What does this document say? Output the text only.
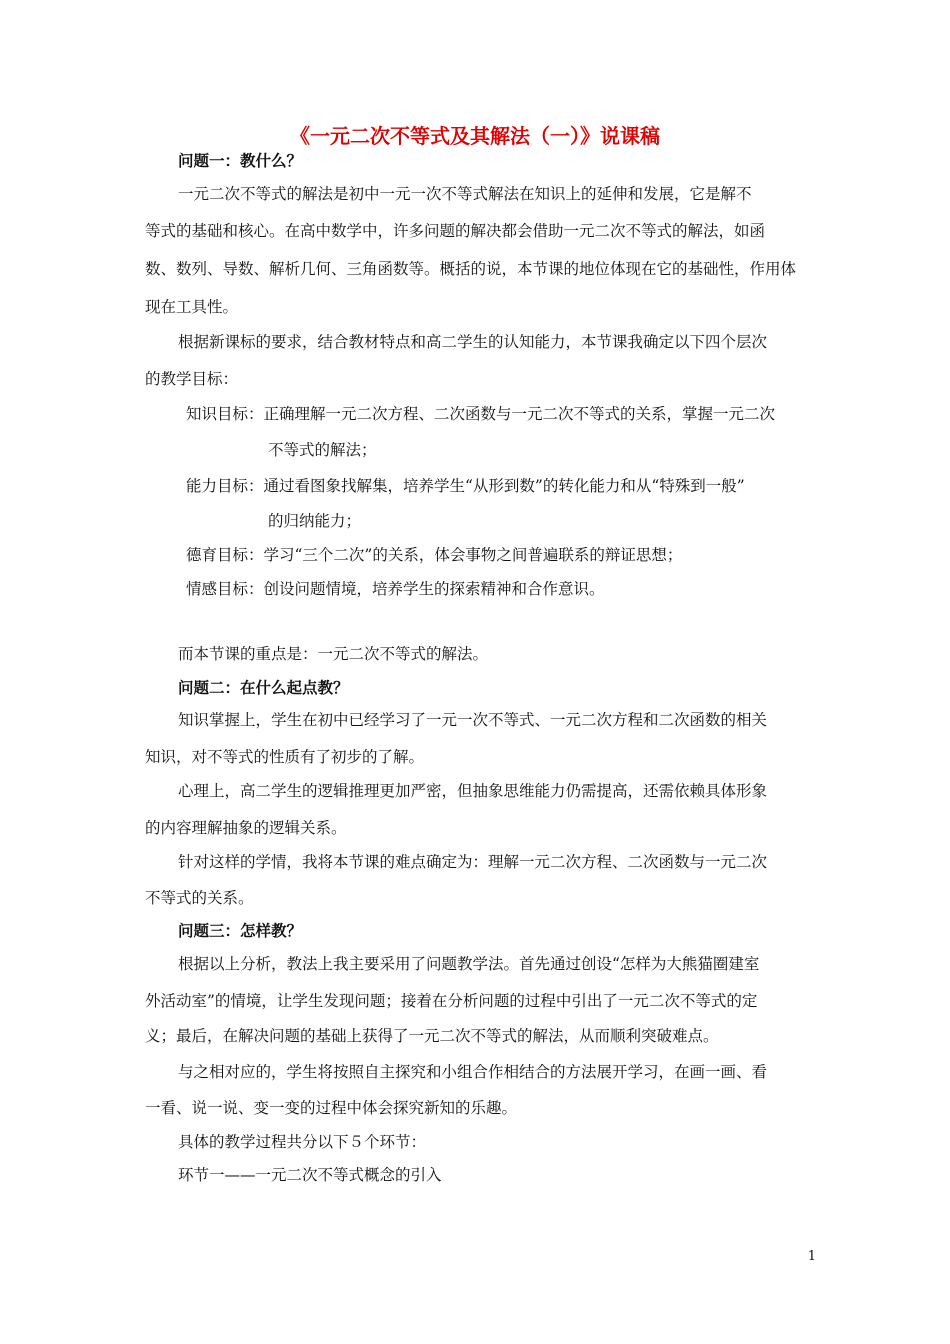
《一元二次不等式及其解法（一）》说课稿
问题一：教什么？
一元二次不等式的解法是初中一元一次不等式解法在知识上的延伸和发展，它是解不
等式的基础和核心。在高中数学中，许多问题的解决都会借助一元二次不等式的解法，如函
数、数列、导数、解析几何、三角函数等。概括的说，本节课的地位体现在它的基础性，作用体
现在工具性。
根据新课标的要求，结合教材特点和高二学生的认知能力，本节课我确定以下四个层次
的教学目标：
知识目标：正确理解一元二次方程、二次函数与一元二次不等式的关系，掌握一元二次
不等式的解法；
能力目标：通过看图象找解集，培养学生“从形到数”的转化能力和从“特殊到一般”
的归纳能力；
德育目标：学习“三个二次”的关系，体会事物之间普遍联系的辩证思想；
情感目标：创设问题情境，培养学生的探索精神和合作意识。
而本节课的重点是：一元二次不等式的解法。
问题二：在什么起点教？
知识掌握上，学生在初中已经学习了一元一次不等式、一元二次方程和二次函数的相关
知识，对不等式的性质有了初步的了解。
心理上，高二学生的逻辑推理更加严密，但抽象思维能力仍需提高，还需依赖具体形象
的内容理解抽象的逻辑关系。
针对这样的学情，我将本节课的难点确定为：理解一元二次方程、二次函数与一元二次
不等式的关系。
问题三：怎样教？
根据以上分析，教法上我主要采用了问题教学法。首先通过创设“怎样为大熊猫圈建室
外活动室”的情境，让学生发现问题；接着在分析问题的过程中引出了一元二次不等式的定
义；最后，在解决问题的基础上获得了一元二次不等式的解法，从而顺利突破难点。
与之相对应的，学生将按照自主探究和小组合作相结合的方法展开学习，在画一画、看
一看、说一说、变一变的过程中体会探究新知的乐趣。
具体的教学过程共分以下５个环节：
环节一——一元二次不等式概念的引入
1
